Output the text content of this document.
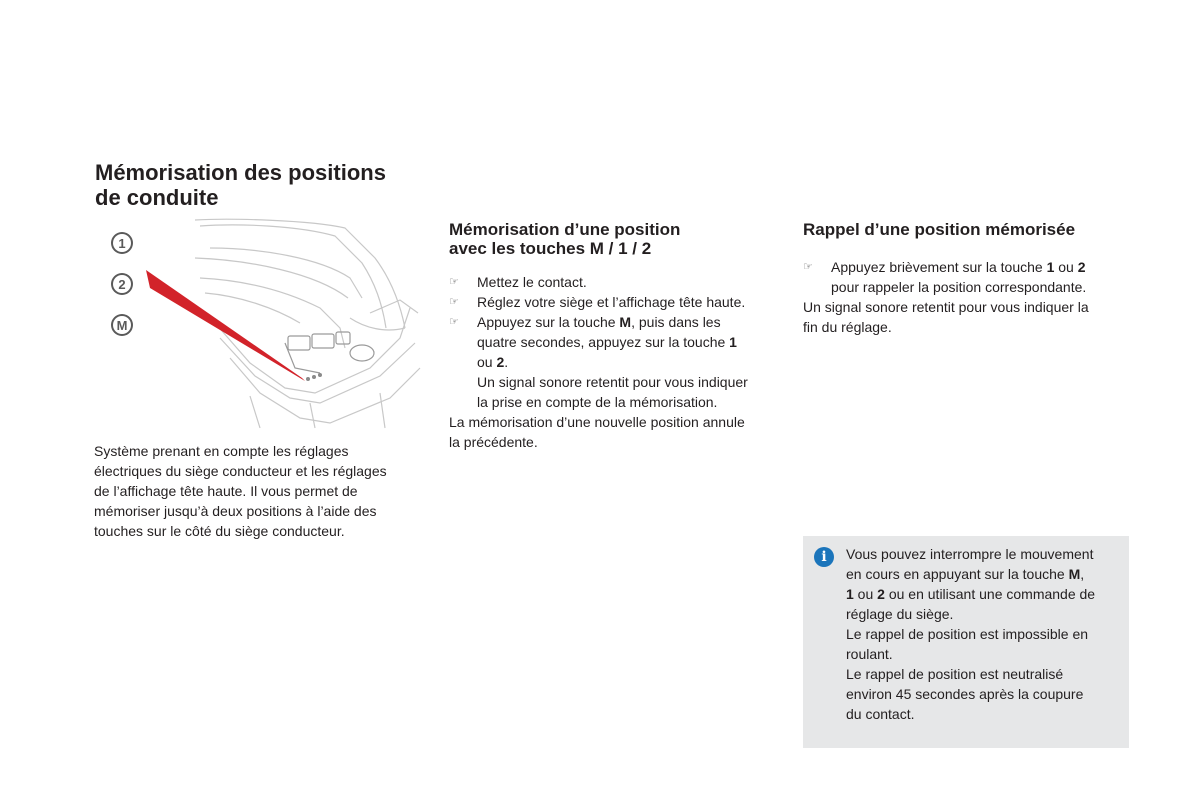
Mémorisation des positions
de conduite
1
2
M
Système prenant en compte les réglages
électriques du siège conducteur et les réglages
de l’affichage tête haute. Il vous permet de
mémoriser jusqu’à deux positions à l’aide des
touches sur le côté du siège conducteur.
Mémorisation d’une position
avec les touches M / 1 / 2
☞ Mettez le contact.
☞ Réglez votre siège et l’affichage tête haute.
☞ Appuyez sur la touche M, puis dans les
quatre secondes, appuyez sur la touche 1
ou 2.
Un signal sonore retentit pour vous indiquer
la prise en compte de la mémorisation.
La mémorisation d’une nouvelle position annule
la précédente.
Rappel d’une position mémorisée
☞ Appuyez brièvement sur la touche 1 ou 2
pour rappeler la position correspondante.
Un signal sonore retentit pour vous indiquer la
fin du réglage.
i	Vous pouvez interrompre le mouvement
en cours en appuyant sur la touche M,
1 ou 2 ou en utilisant une commande de
réglage du siège.
Le rappel de position est impossible en
roulant.
Le rappel de position est neutralisé
environ 45 secondes après la coupure
du contact.
